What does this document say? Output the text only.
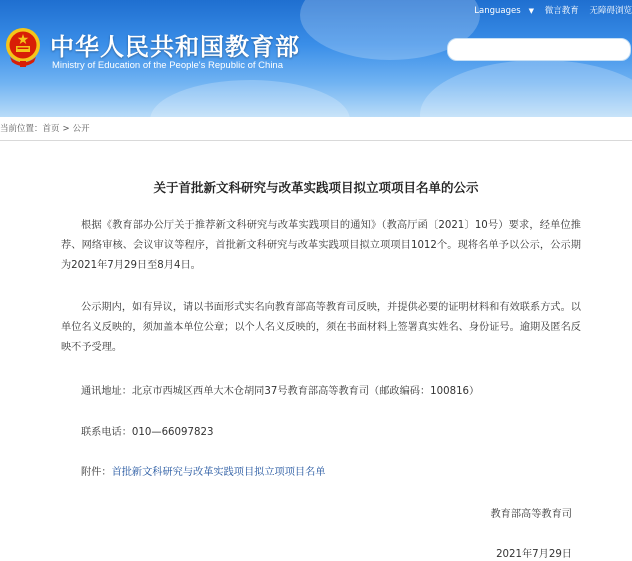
中华人民共和国教育部
Ministry of Education of the People's Republic of China
Languages ▼ 微言教育 无障碍浏览
当前位置：首页 > 公开
关于首批新文科研究与改革实践项目拟立项项目名单的公示

根据《教育部办公厅关于推荐新文科研究与改革实践项目的通知》（教高厅函〔2021〕10号）要求，经单位推荐、网络审核、会议审议等程序，首批新文科研究与改革实践项目拟立项项目1012个。现将名单予以公示，公示期为2021年7月29日至8月4日。

公示期内，如有异议，请以书面形式实名向教育部高等教育司反映，并提供必要的证明材料和有效联系方式。以单位名义反映的，须加盖本单位公章；以个人名义反映的，须在书面材料上签署真实姓名、身份证号。逾期及匿名反映不予受理。

通讯地址：北京市西城区西单大木仓胡同37号教育部高等教育司（邮政编码：100816）
联系电话：010—66097823
附件：首批新文科研究与改革实践项目拟立项项目名单
教育部高等教育司
2021年7月29日
